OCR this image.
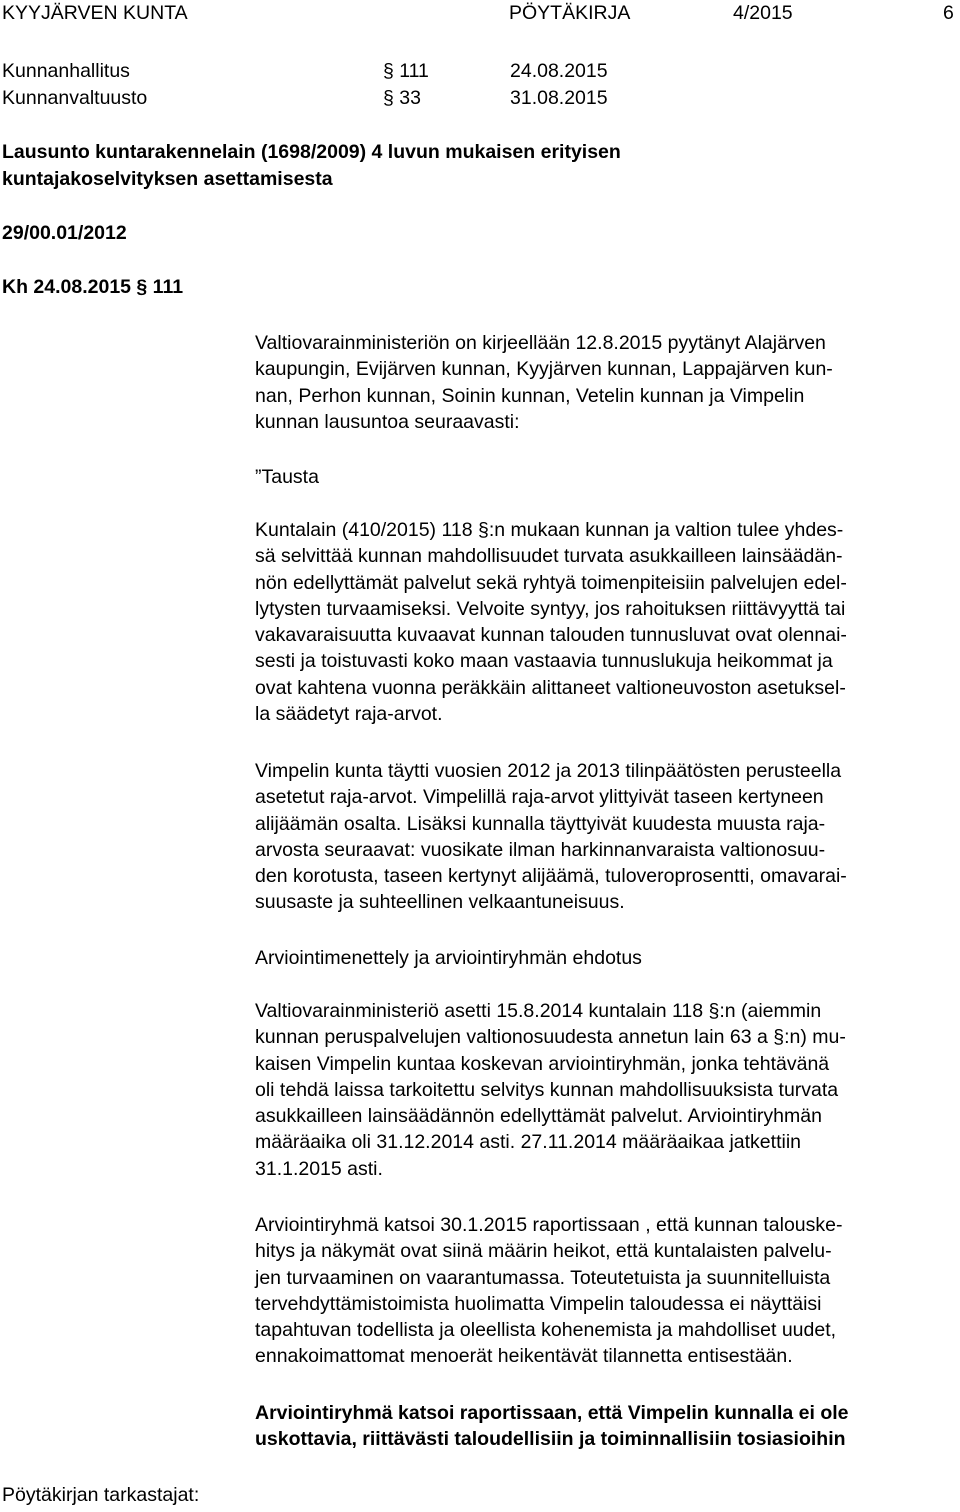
KYYJÄRVEN KUNTA	PÖYTÄKIRJA	4/2015	6
Kunnanhallitus	§ 111	24.08.2015
Kunnanvaltuusto	§ 33	31.08.2015
Lausunto kuntarakennelain (1698/2009) 4 luvun mukaisen erityisen
kuntajakoselvityksen asettamisesta
29/00.01/2012
Kh 24.08.2015 § 111
Valtiovarainministeriön on kirjeellään 12.8.2015 pyytänyt Alajärven
kaupungin, Evijärven kunnan, Kyyjärven kunnan, Lappajärven kun-
nan, Perhon kunnan, Soinin kunnan, Vetelin kunnan ja Vimpelin
kunnan lausuntoa seuraavasti:
”Tausta
Kuntalain (410/2015) 118 §:n mukaan kunnan ja valtion tulee yhdes-
sä selvittää kunnan mahdollisuudet turvata asukkailleen lainsäädän-
nön edellyttämät palvelut sekä ryhtyä toimenpiteisiin palvelujen edel-
lytysten turvaamiseksi. Velvoite syntyy, jos rahoituksen riittävyyttä tai
vakavaraisuutta kuvaavat kunnan talouden tunnusluvat ovat olennai-
sesti ja toistuvasti koko maan vastaavia tunnuslukuja heikommat ja
ovat kahtena vuonna peräkkäin alittaneet valtioneuvoston asetuksel-
la säädetyt raja-arvot.
Vimpelin kunta täytti vuosien 2012 ja 2013 tilinpäätösten perusteella
asetetut raja-arvot. Vimpelillä raja-arvot ylittyivät taseen kertyneen
alijäämän osalta. Lisäksi kunnalla täyttyivät kuudesta muusta raja-
arvosta seuraavat: vuosikate ilman harkinnanvaraista valtionosuu-
den korotusta, taseen kertynyt alijäämä, tuloveroprosentti, omavarai-
suusaste ja suhteellinen velkaantuneisuus.
Arviointimenettely ja arviointiryhmän ehdotus
Valtiovarainministeriö asetti 15.8.2014 kuntalain 118 §:n (aiemmin
kunnan peruspalvelujen valtionosuudesta annetun lain 63 a §:n) mu-
kaisen Vimpelin kuntaa koskevan arviointiryhmän, jonka tehtävänä
oli tehdä laissa tarkoitettu selvitys kunnan mahdollisuuksista turvata
asukkailleen lainsäädännön edellyttämät palvelut. Arviointiryhmän
määräaika oli 31.12.2014 asti. 27.11.2014 määräaikaa jatkettiin
31.1.2015 asti.
Arviointiryhmä katsoi 30.1.2015 raportissaan , että kunnan talouske-
hitys ja näkymät ovat siinä määrin heikot, että kuntalaisten palvelu-
jen turvaaminen on vaarantumassa. Toteutetuista ja suunnitelluista
tervehdyttämistoimista huolimatta Vimpelin taloudessa ei näyttäisi
tapahtuvan todellista ja oleellista kohenemista ja mahdolliset uudet,
ennakoimattomat menoerät heikentävät tilannetta entisestään.
Arviointiryhmä katsoi raportissaan, että Vimpelin kunnalla ei ole
uskottavia, riittävästi taloudellisiin ja toiminnallisiin tosiasioihin
Pöytäkirjan tarkastajat:
